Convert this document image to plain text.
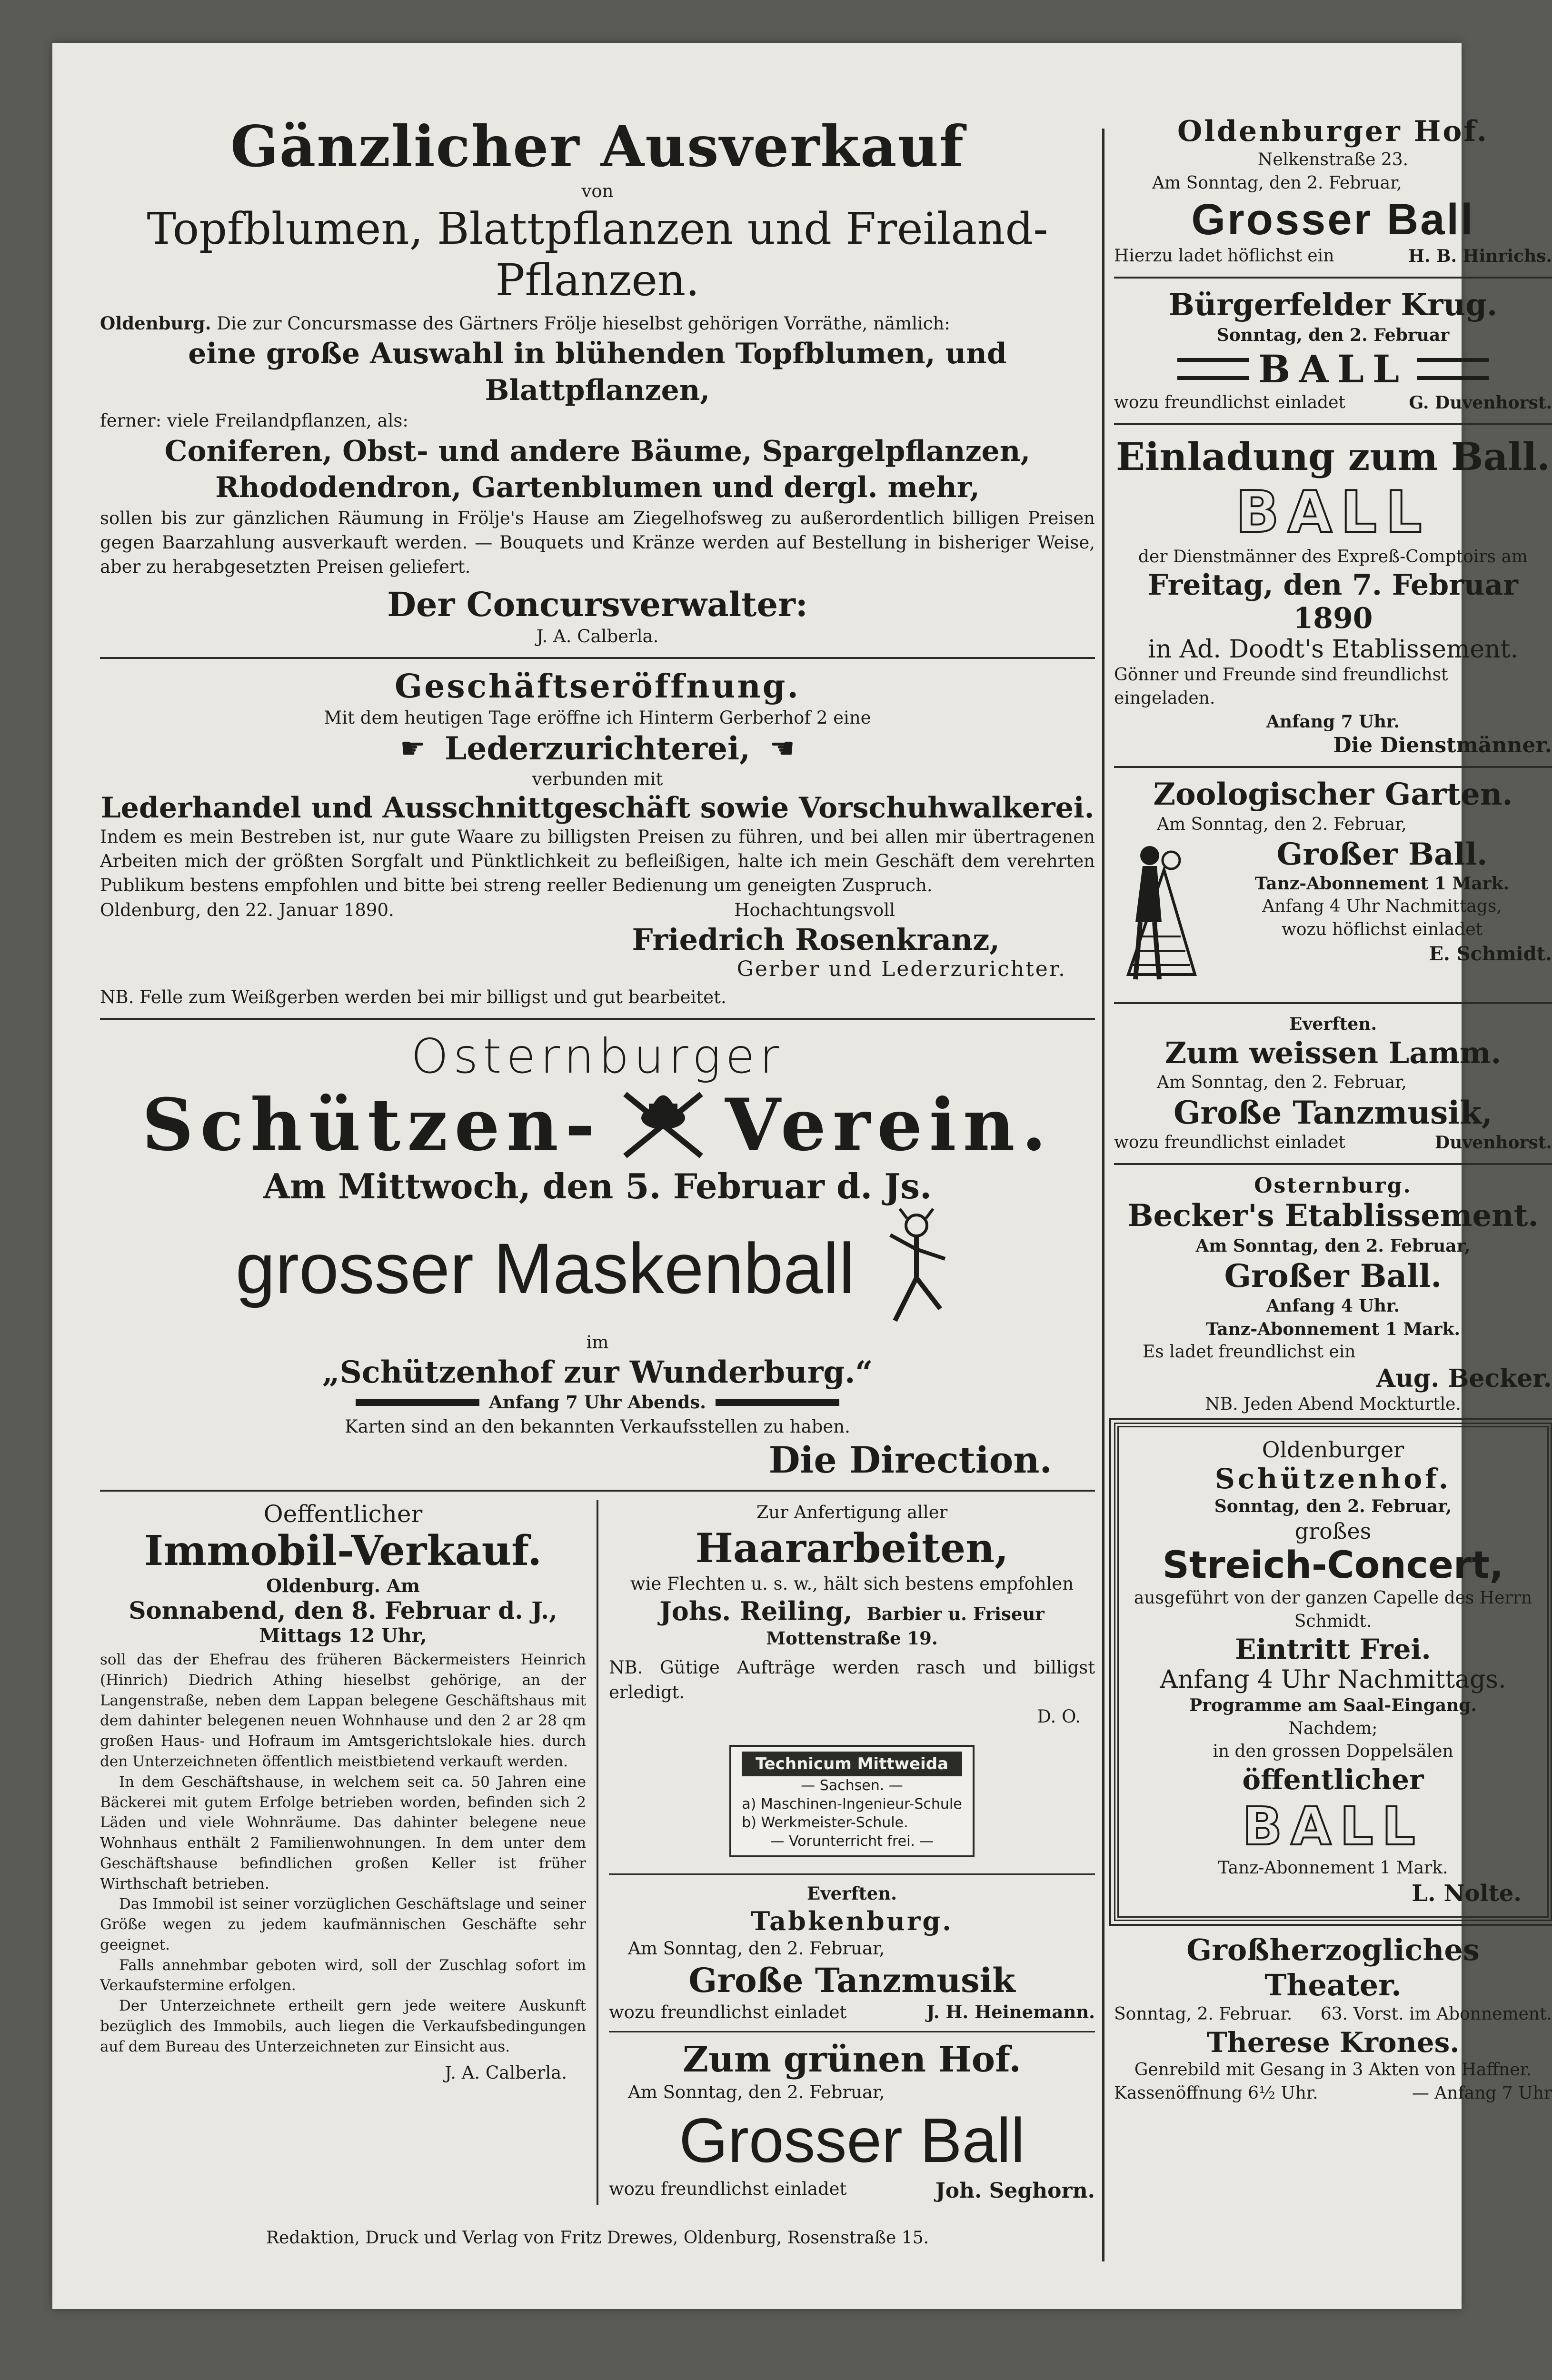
Gänzlicher Ausverkauf
von
Topfblumen, Blattpflanzen und Freiland-Pflanzen.

Oldenburg. Die zur Concursmasse des Gärtners Frölje hieselbst gehörigen Vorräthe, nämlich:

eine große Auswahl in blühenden Topfblumen, und Blattpflanzen,

ferner: viele Freilandpflanzen, als:

Coniferen, Obst- und andere Bäume, Spargelpflanzen, Rhododendron, Gartenblumen und dergl. mehr,

sollen bis zur gänzlichen Räumung in Frölje's Hause am Ziegelhofsweg zu außerordentlich billigen Preisen gegen Baarzahlung ausverkauft werden. — Bouquets und Kränze werden auf Bestellung in bisheriger Weise, aber zu herabgesetzten Preisen geliefert.

Der Concursverwalter:

J. A. Calberla.

Geschäftseröffnung.

Mit dem heutigen Tage eröffne ich Hinterm Gerberhof 2 eine

☛ Lederzurichterei, ☚

verbunden mit

Lederhandel und Ausschnittgeschäft sowie Vorschuhwalkerei.

Indem es mein Bestreben ist, nur gute Waare zu billigsten Preisen zu führen, und bei allen mir übertragenen Arbeiten mich der größten Sorgfalt und Pünktlichkeit zu befleißigen, halte ich mein Geschäft dem verehrten Publikum bestens empfohlen und bitte bei streng reeller Bedienung um geneigten Zuspruch.

Oldenburg, den 22. Januar 1890.	Hochachtungsvoll

Friedrich Rosenkranz,

Gerber und Lederzurichter.

NB. Felle zum Weißgerben werden bei mir billigst und gut bearbeitet.

Osternburger
Schützen- Verein.
Am Mittwoch, den 5. Februar d. Js.
grosser Maskenball

im

„Schützenhof zur Wunderburg.“

Anfang 7 Uhr Abends.

Karten sind an den bekannten Verkaufsstellen zu haben.

Die Direction.

Oeffentlicher
Immobil-Verkauf.
Oldenburg. Am
Sonnabend, den 8. Februar d. J.,
Mittags 12 Uhr,

soll das der Ehefrau des früheren Bäckermeisters Heinrich (Hinrich) Diedrich Athing hieselbst gehörige, an der Langenstraße, neben dem Lappan belegene Geschäftshaus mit dem dahinter belegenen neuen Wohnhause und den 2 ar 28 qm großen Haus- und Hofraum im Amtsgerichtslokale hies. durch den Unterzeichneten öffentlich meistbietend verkauft werden.

In dem Geschäftshause, in welchem seit ca. 50 Jahren eine Bäckerei mit gutem Erfolge betrieben worden, befinden sich 2 Läden und viele Wohnräume. Das dahinter belegene neue Wohnhaus enthält 2 Familienwohnungen. In dem unter dem Geschäftshause befindlichen großen Keller ist früher Wirthschaft betrieben.

Das Immobil ist seiner vorzüglichen Geschäftslage und seiner Größe wegen zu jedem kaufmännischen Geschäfte sehr geeignet.

Falls annehmbar geboten wird, soll der Zuschlag sofort im Verkaufstermine erfolgen.

Der Unterzeichnete ertheilt gern jede weitere Auskunft bezüglich des Immobils, auch liegen die Verkaufsbedingungen auf dem Bureau des Unterzeichneten zur Einsicht aus.

J. A. Calberla.

Zur Anfertigung aller

Haararbeiten,

wie Flechten u. s. w., hält sich bestens empfohlen

Johs. Reiling, Barbier u. Friseur

Mottenstraße 19.

NB. Gütige Aufträge werden rasch und billigst erledigt.

D. O.

Technicum Mittweida
— Sachsen. —
a) Maschinen-Ingenieur-Schule
b) Werkmeister-Schule.
— Vorunterricht frei. —

Everften.

Tabkenburg.

Am Sonntag, den 2. Februar,

Große Tanzmusik

wozu freundlichst einladet	J. H. Heinemann.

Zum grünen Hof.

Am Sonntag, den 2. Februar,

Grosser Ball

wozu freundlichst einladet	Joh. Seghorn.
Oldenburger Hof.

Nelkenstraße 23.

Am Sonntag, den 2. Februar,

Grosser Ball

Hierzu ladet höflichst ein	H. B. Hinrichs.
Bürgerfelder Krug.

Sonntag, den 2. Februar

BALL
wozu freundlichst einladet	G. Duvenhorst.
Einladung zum Ball.
BALL

der Dienstmänner des Expreß-Comptoirs am

Freitag, den 7. Februar 1890

in Ad. Doodt's Etablissement.

Gönner und Freunde sind freundlichst eingeladen.

Anfang 7 Uhr.

Die Dienstmänner.

Zoologischer Garten.

Am Sonntag, den 2. Februar,

Großer Ball.

Tanz-Abonnement 1 Mark.

Anfang 4 Uhr Nachmittags,

wozu höflichst einladet

E. Schmidt.

Everften.

Zum weissen Lamm.

Am Sonntag, den 2. Februar,

Große Tanzmusik,

wozu freundlichst einladet	Duvenhorst.

Osternburg.

Becker's Etablissement.

Am Sonntag, den 2. Februar,

Großer Ball.

Anfang 4 Uhr.

Tanz-Abonnement 1 Mark.

Es ladet freundlichst ein

Aug. Becker.

NB. Jeden Abend Mockturtle.

Oldenburger

Schützenhof.

Sonntag, den 2. Februar,

großes

Streich-Concert,

ausgeführt von der ganzen Capelle des Herrn Schmidt.

Eintritt Frei.

Anfang 4 Uhr Nachmittags.

Programme am Saal-Eingang.

Nachdem;

in den grossen Doppelsälen

öffentlicher

BALL

Tanz-Abonnement 1 Mark.

L. Nolte.

Großherzogliches Theater.
Sonntag, 2. Februar. 63. Vorst. im Abonnement.

Therese Krones.

Genrebild mit Gesang in 3 Akten von Haffner.

Kassenöffnung 6½ Uhr.	— Anfang 7 Uhr
Redaktion, Druck und Verlag von Fritz Drewes, Oldenburg, Rosenstraße 15.
